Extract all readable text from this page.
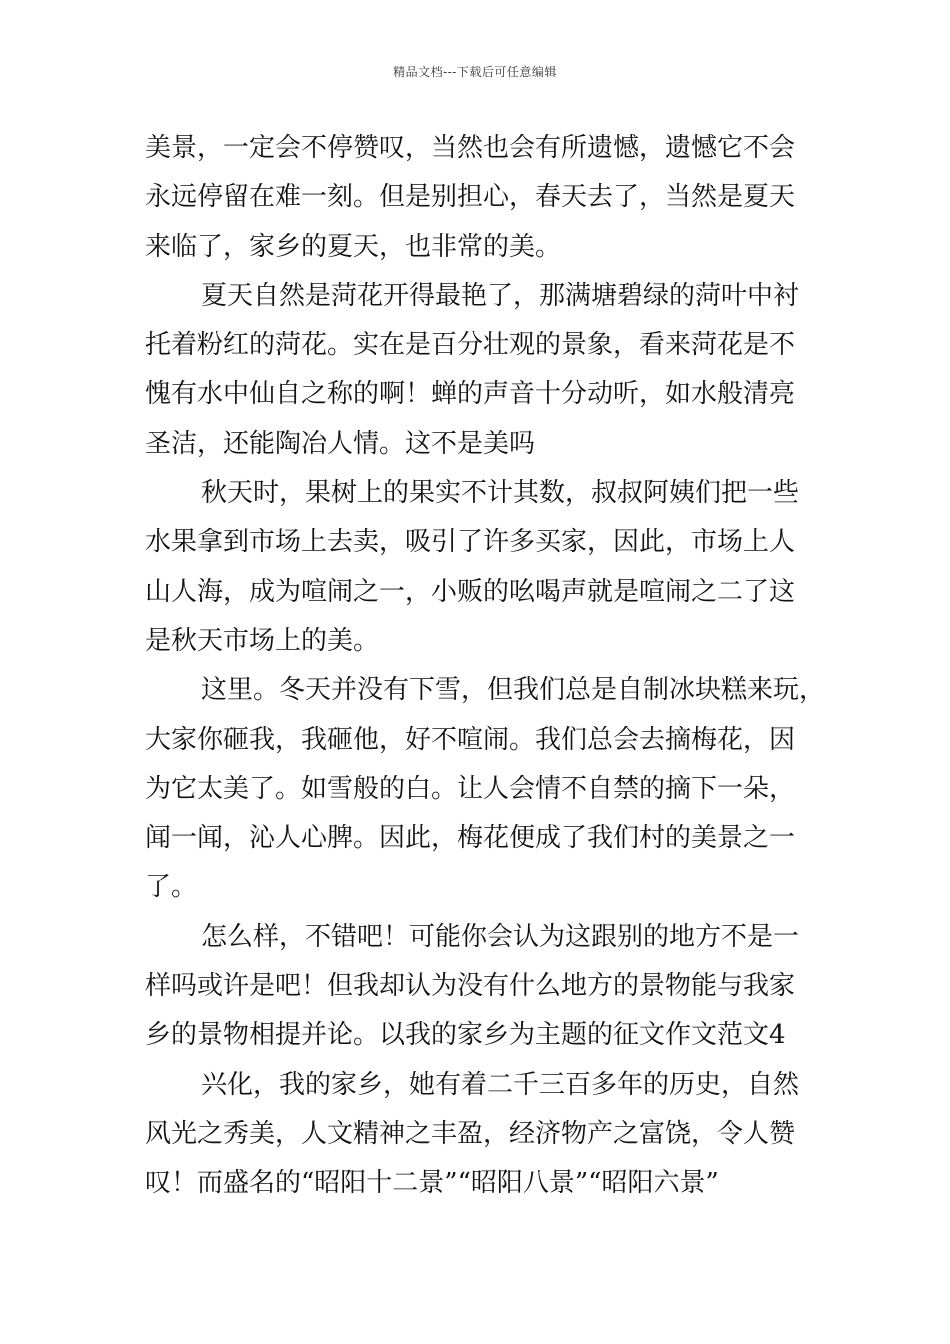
精品文档---下载后可任意编辑
美景，一定会不停赞叹，当然也会有所遗憾，遗憾它不会
永远停留在难一刻。但是别担心，春天去了，当然是夏天
来临了，家乡的夏天，也非常的美。
夏天自然是菏花开得最艳了，那满塘碧绿的菏叶中衬
托着粉红的菏花。实在是百分壮观的景象，看来菏花是不
愧有水中仙自之称的啊！蝉的声音十分动听，如水般清亮
圣洁，还能陶冶人情。这不是美吗
秋天时，果树上的果实不计其数，叔叔阿姨们把一些
水果拿到市场上去卖，吸引了许多买家，因此，市场上人
山人海，成为喧闹之一，小贩的吆喝声就是喧闹之二了这
是秋天市场上的美。
这里。冬天并没有下雪，但我们总是自制冰块糕来玩，
大家你砸我，我砸他，好不喧闹。我们总会去摘梅花，因
为它太美了。如雪般的白。让人会情不自禁的摘下一朵，
闻一闻，沁人心脾。因此，梅花便成了我们村的美景之一
了。
怎么样，不错吧！可能你会认为这跟别的地方不是一
样吗或许是吧！但我却认为没有什么地方的景物能与我家
乡的景物相提并论。以我的家乡为主题的征文作文范文4
兴化，我的家乡，她有着二千三百多年的历史，自然
风光之秀美，人文精神之丰盈，经济物产之富饶，令人赞
叹！而盛名的“昭阳十二景”“昭阳八景”“昭阳六景”
